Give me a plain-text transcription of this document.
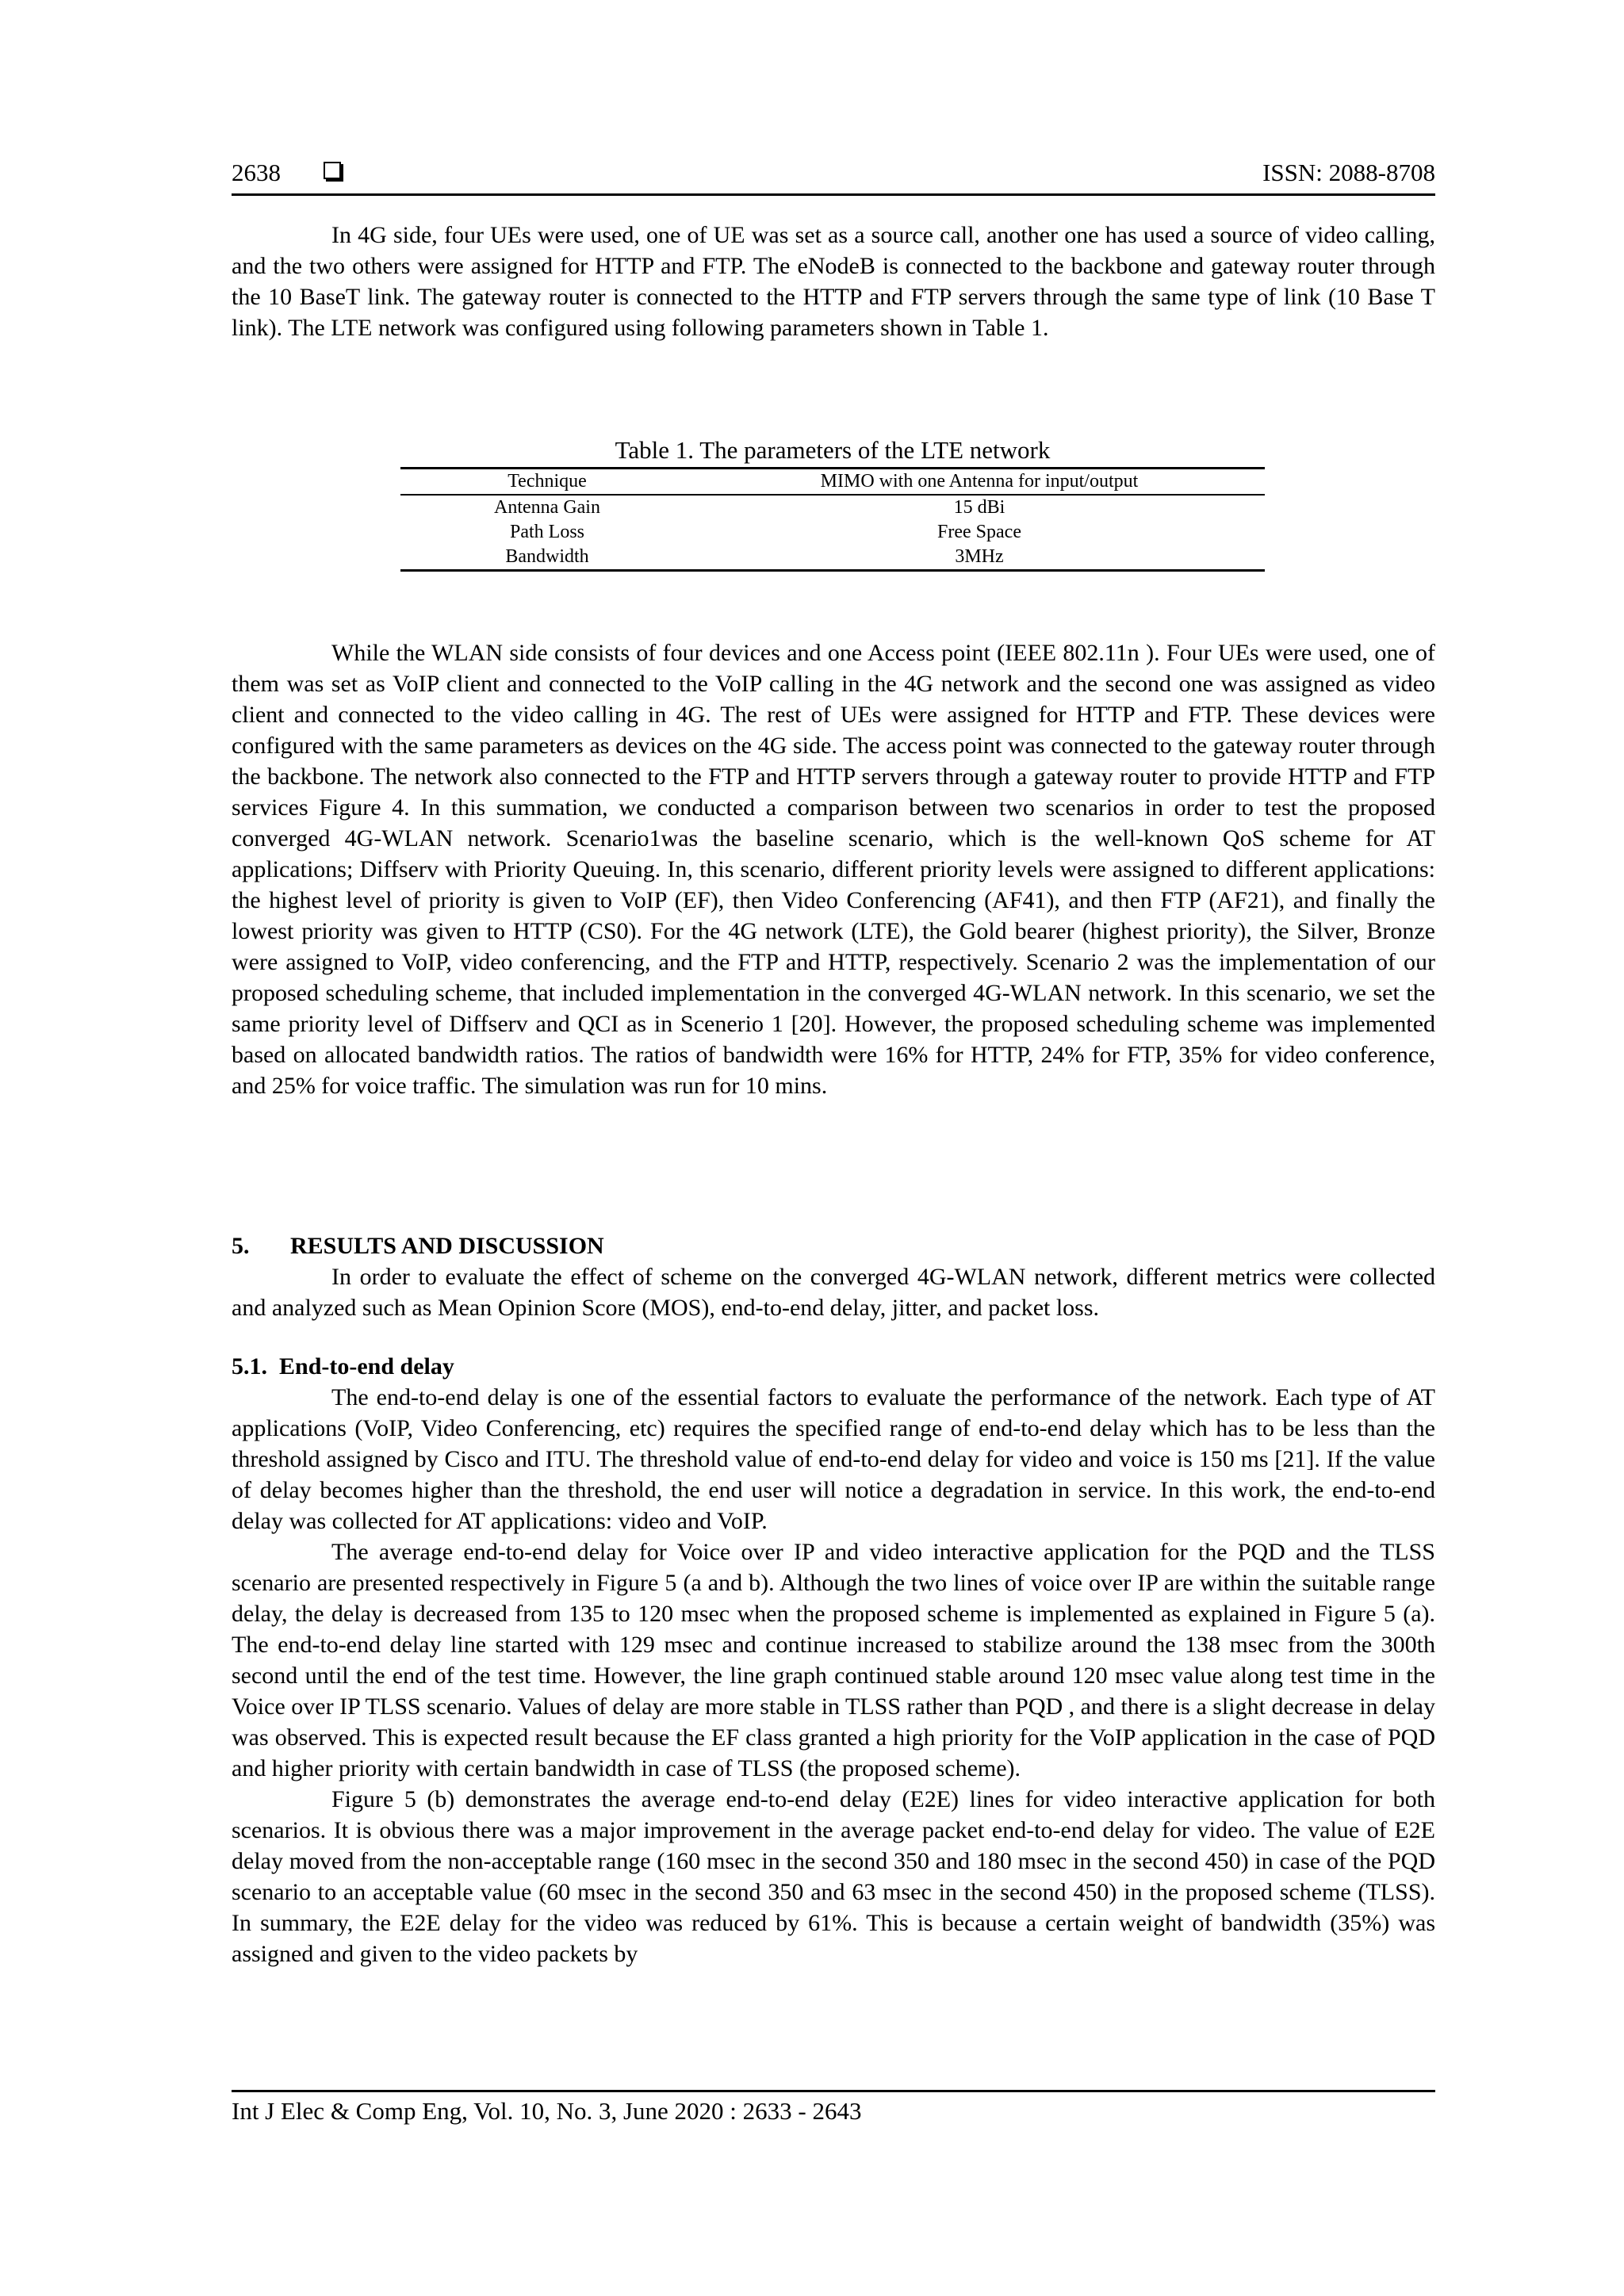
2638	ISSN: 2088-8708

In 4G side, four UEs were used, one of UE was set as a source call, another one has used a source of video calling, and the two others were assigned for HTTP and FTP. The eNodeB is connected to the backbone and gateway router through the 10 BaseT link. The gateway router is connected to the HTTP and FTP servers through the same type of link (10 Base T link). The LTE network was configured using following parameters shown in Table 1.

Table 1. The parameters of the LTE network
Technique	MIMO with one Antenna for input/output
Antenna Gain	15 dBi
Path Loss	Free Space
Bandwidth	3MHz

While the WLAN side consists of four devices and one Access point (IEEE 802.11n ). Four UEs were used, one of them was set as VoIP client and connected to the VoIP calling in the 4G network and the second one was assigned as video client and connected to the video calling in 4G. The rest of UEs were assigned for HTTP and FTP. These devices were configured with the same parameters as devices on the 4G side. The access point was connected to the gateway router through the backbone. The network also connected to the FTP and HTTP servers through a gateway router to provide HTTP and FTP services Figure 4. In this summation, we conducted a comparison between two scenarios in order to test the proposed converged 4G-WLAN network. Scenario1was the baseline scenario, which is the well-known QoS scheme for AT applications; Diffserv with Priority Queuing. In, this scenario, different priority levels were assigned to different applications: the highest level of priority is given to VoIP (EF), then Video Conferencing (AF41), and then FTP (AF21), and finally the lowest priority was given to HTTP (CS0). For the 4G network (LTE), the Gold bearer (highest priority), the Silver, Bronze were assigned to VoIP, video conferencing, and the FTP and HTTP, respectively. Scenario 2 was the implementation of our proposed scheduling scheme, that included implementation in the converged 4G-WLAN network. In this scenario, we set the same priority level of Diffserv and QCI as in Scenerio 1 [20]. However, the proposed scheduling scheme was implemented based on allocated bandwidth ratios. The ratios of bandwidth were 16% for HTTP, 24% for FTP, 35% for video conference, and 25% for voice traffic. The simulation was run for 10 mins.

5. RESULTS AND DISCUSSION

In order to evaluate the effect of scheme on the converged 4G-WLAN network, different metrics were collected and analyzed such as Mean Opinion Score (MOS), end-to-end delay, jitter, and packet loss.

5.1. End-to-end delay

The end-to-end delay is one of the essential factors to evaluate the performance of the network. Each type of AT applications (VoIP, Video Conferencing, etc) requires the specified range of end-to-end delay which has to be less than the threshold assigned by Cisco and ITU. The threshold value of end-to-end delay for video and voice is 150 ms [21]. If the value of delay becomes higher than the threshold, the end user will notice a degradation in service. In this work, the end-to-end delay was collected for AT applications: video and VoIP.

The average end-to-end delay for Voice over IP and video interactive application for the PQD and the TLSS scenario are presented respectively in Figure 5 (a and b). Although the two lines of voice over IP are within the suitable range delay, the delay is decreased from 135 to 120 msec when the proposed scheme is implemented as explained in Figure 5 (a). The end-to-end delay line started with 129 msec and continue increased to stabilize around the 138 msec from the 300th second until the end of the test time. However, the line graph continued stable around 120 msec value along test time in the Voice over IP TLSS scenario. Values of delay are more stable in TLSS rather than PQD , and there is a slight decrease in delay was observed. This is expected result because the EF class granted a high priority for the VoIP application in the case of PQD and higher priority with certain bandwidth in case of TLSS (the proposed scheme).

Figure 5 (b) demonstrates the average end-to-end delay (E2E) lines for video interactive application for both scenarios. It is obvious there was a major improvement in the average packet end-to-end delay for video. The value of E2E delay moved from the non-acceptable range (160 msec in the second 350 and 180 msec in the second 450) in case of the PQD scenario to an acceptable value (60 msec in the second 350 and 63 msec in the second 450) in the proposed scheme (TLSS). In summary, the E2E delay for the video was reduced by 61%. This is because a certain weight of bandwidth (35%) was assigned and given to the video packets by

Int J Elec & Comp Eng, Vol. 10, No. 3, June 2020 : 2633 - 2643
